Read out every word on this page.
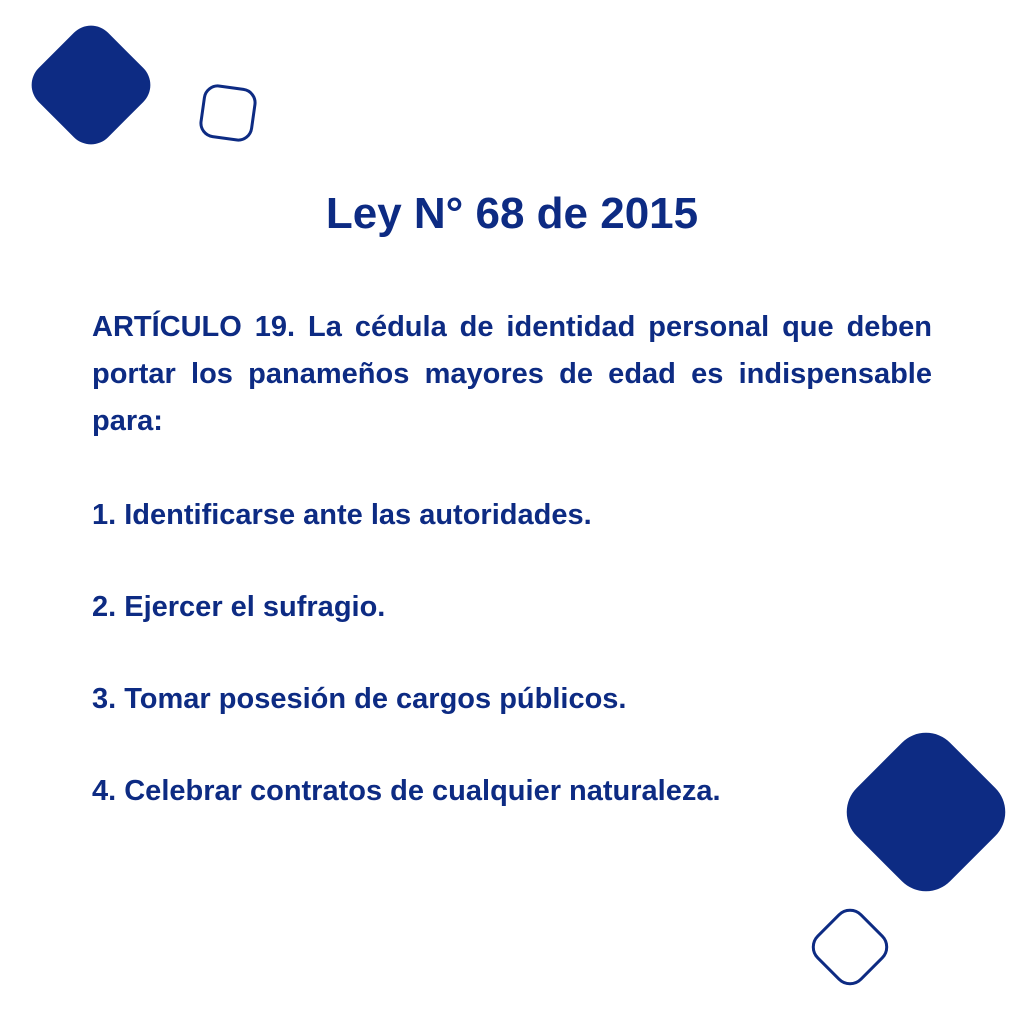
Ley N° 68 de 2015

ARTÍCULO 19. La cédula de identidad personal que deben portar los panameños mayores de edad es indispensable para:

1. Identificarse ante las autoridades.
2. Ejercer el sufragio.
3. Tomar posesión de cargos públicos.
4. Celebrar contratos de cualquier naturaleza.
